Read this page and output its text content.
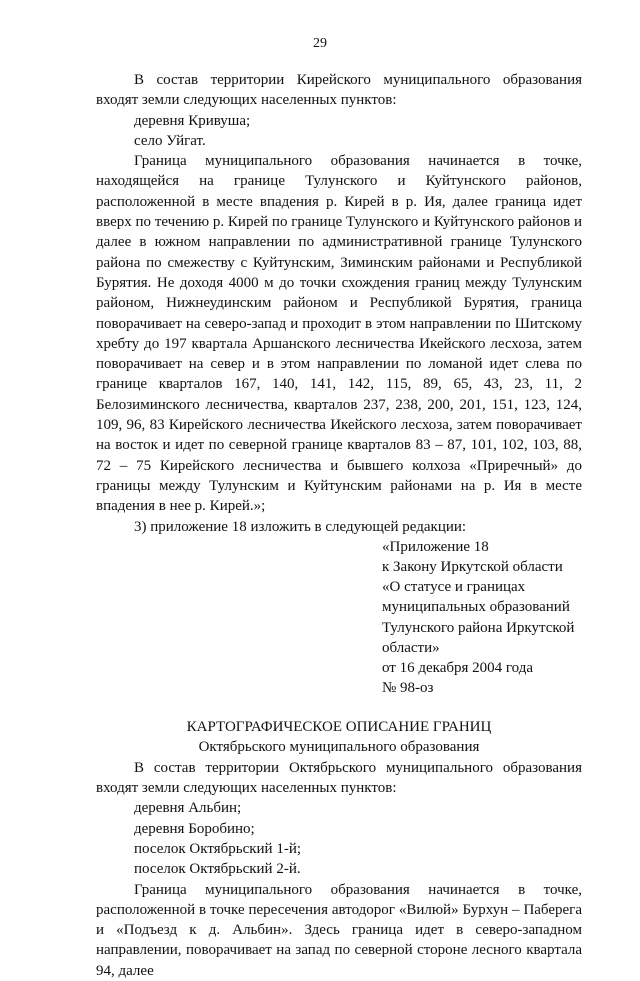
29

В состав территории Кирейского муниципального образования входят земли следующих населенных пунктов:

деревня Кривуша;

село Уйгат.

Граница муниципального образования начинается в точке, находящейся на границе Тулунского и Куйтунского районов, расположенной в месте впадения р. Кирей в р. Ия, далее граница идет вверх по течению р. Кирей по границе Тулунского и Куйтунского районов и далее в южном направлении по административной границе Тулунского района по смежеству с Куйтунским, Зиминским районами и Республикой Бурятия. Не доходя 4000 м до точки схождения границ между Тулунским районом, Нижнеудинским районом и Республикой Бурятия, граница поворачивает на северо-запад и проходит в этом направлении по Шитскому хребту до 197 квартала Аршанского лесничества Икейского лесхоза, затем поворачивает на север и в этом направлении по ломаной идет слева по границе кварталов 167, 140, 141, 142, 115, 89, 65, 43, 23, 11, 2 Белозиминского лесничества, кварталов 237, 238, 200, 201, 151, 123, 124, 109, 96, 83 Кирейского лесничества Икейского лесхоза, затем поворачивает на восток и идет по северной границе кварталов 83 – 87, 101, 102, 103, 88, 72 – 75 Кирейского лесничества и бывшего колхоза «Приречный» до границы между Тулунским и Куйтунским районами на р. Ия в месте впадения в нее р. Кирей.»;

3) приложение 18 изложить в следующей редакции:

«Приложение 18

к Закону Иркутской области

«О статусе и границах муниципальных образований Тулунского района Иркутской области»

от 16 декабря 2004 года

№ 98-оз

КАРТОГРАФИЧЕСКОЕ ОПИСАНИЕ ГРАНИЦ

Октябрьского муниципального образования

В состав территории Октябрьского муниципального образования входят земли следующих населенных пунктов:

деревня Альбин;

деревня Боробино;

поселок Октябрьский 1-й;

поселок Октябрьский 2-й.

Граница муниципального образования начинается в точке, расположенной в точке пересечения автодорог «Вилюй» Бурхун – Паберега и «Подъезд к д. Альбин». Здесь граница идет в северо-западном направлении, поворачивает на запад по северной стороне лесного квартала 94, далее
